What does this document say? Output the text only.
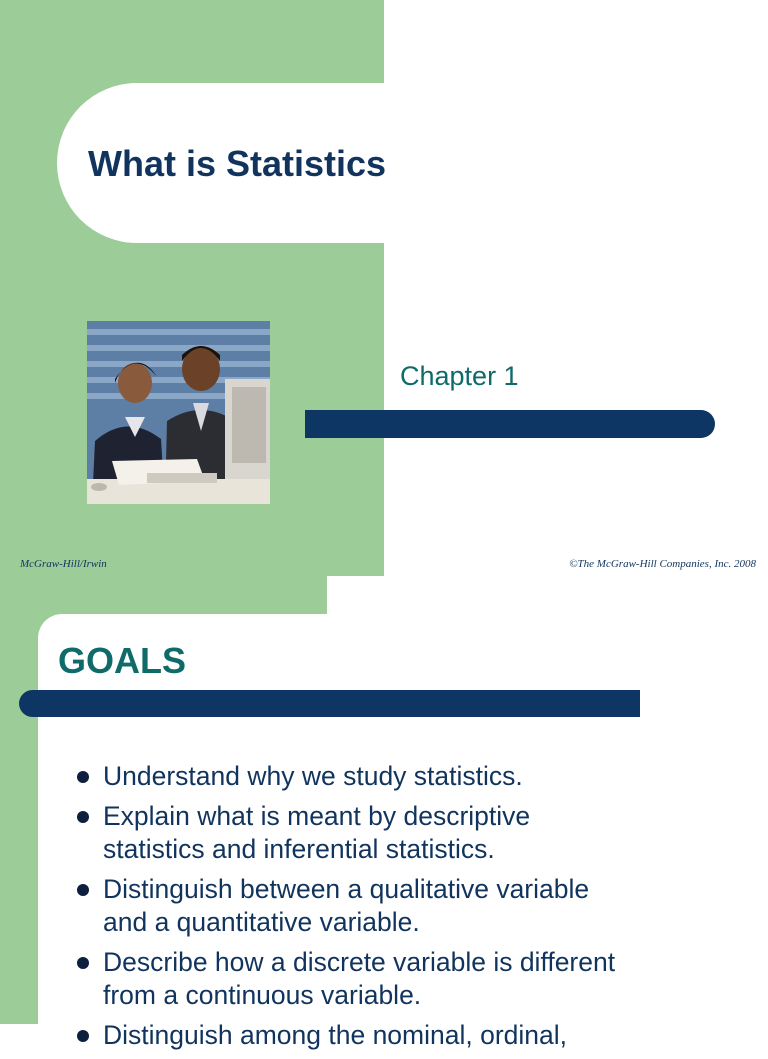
What is Statistics
Chapter 1
McGraw-Hill/Irwin	©The McGraw-Hill Companies, Inc. 2008
GOALS
Understand why we study statistics.
Explain what is meant by descriptive
statistics and inferential statistics.
Distinguish between a qualitative variable
and a quantitative variable.
Describe how a discrete variable is different
from a continuous variable.
Distinguish among the nominal, ordinal,
